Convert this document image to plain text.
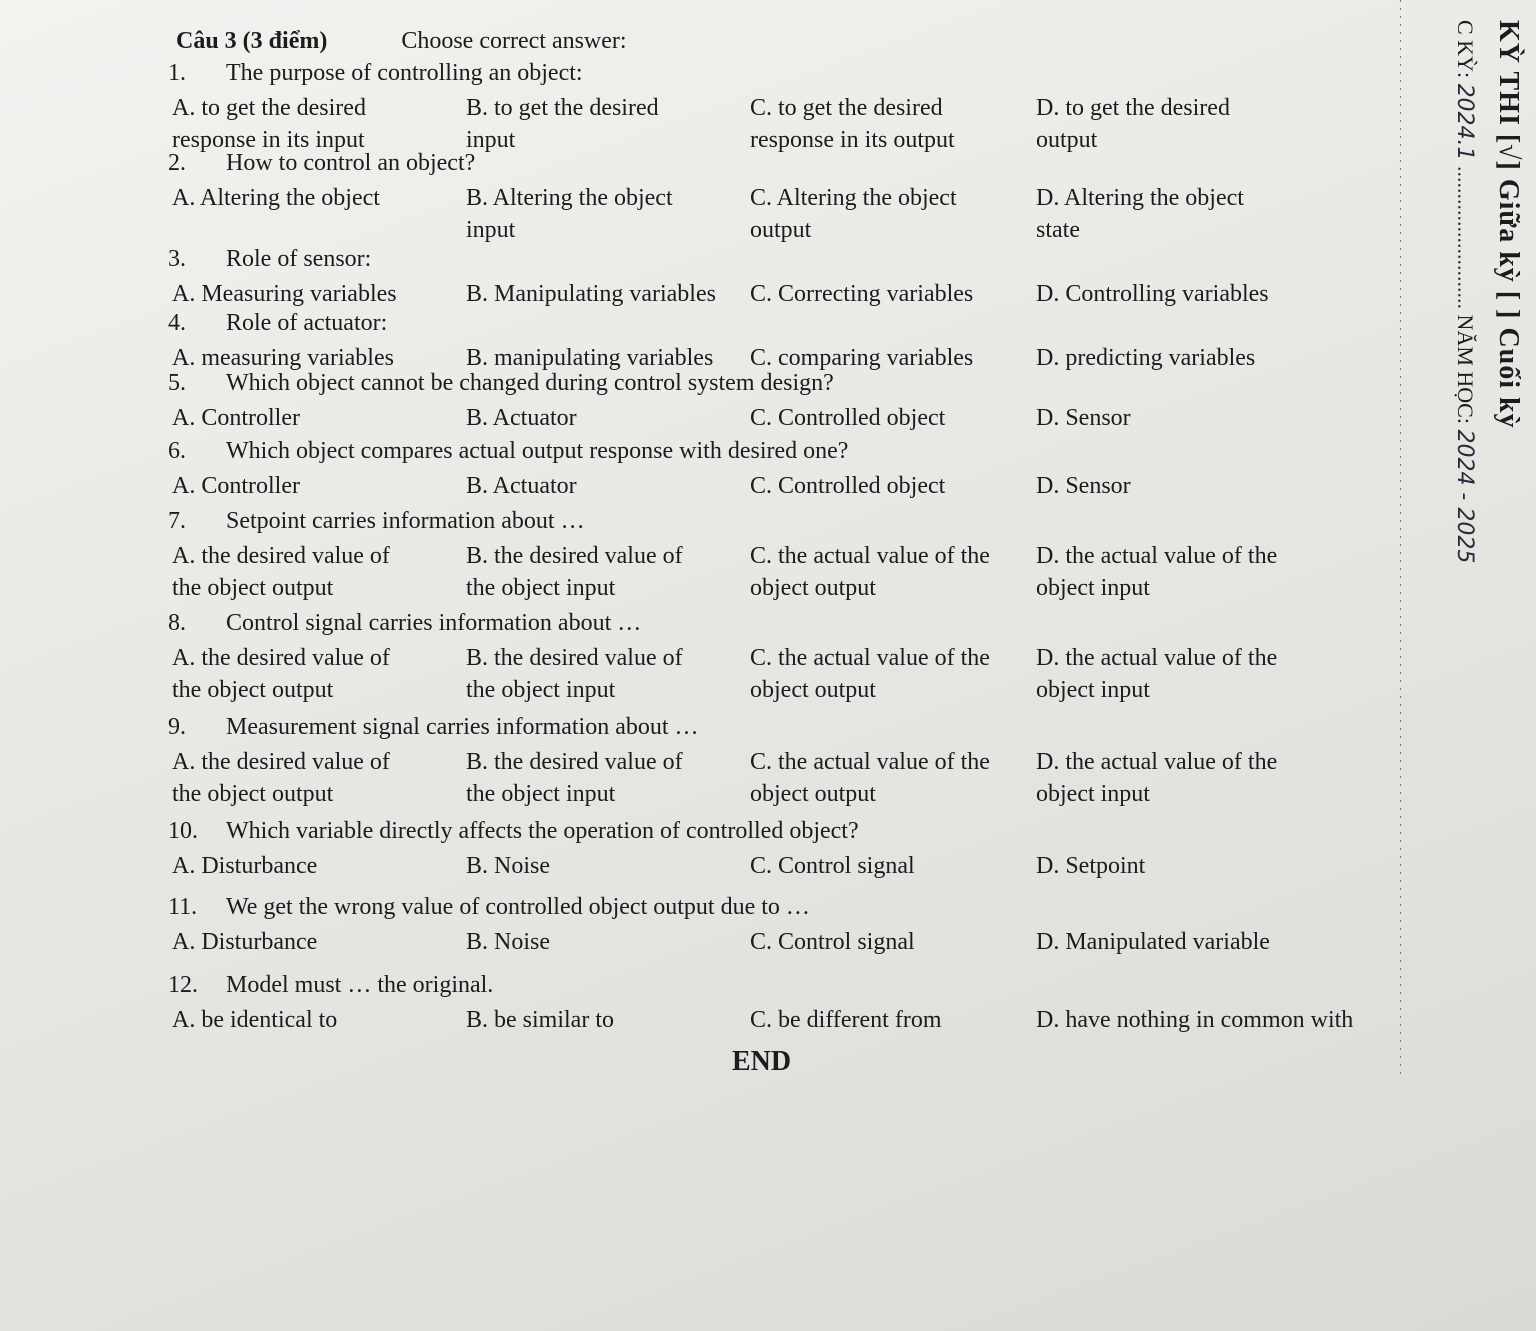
Câu 3 (3 điểm)	Choose correct answer:
1. The purpose of controlling an object:
A. to get the desired
response in its input
B. to get the desired
input
C. to get the desired
response in its output
D. to get the desired
output
2. How to control an object?
A. Altering the object	B. Altering the object
input
C. Altering the object
output
D. Altering the object
state
3. Role of sensor:
A. Measuring variables	B. Manipulating variables C. Correcting variables	D. Controlling variables
4. Role of actuator:
A. measuring variables	B. manipulating variables C. comparing variables	D. predicting variables
5. Which object cannot be changed during control system design?
A. Controller	B. Actuator	C. Controlled object	D. Sensor
6. Which object compares actual output response with desired one?
A. Controller	B. Actuator	C. Controlled object	D. Sensor
7. Setpoint carries information about …
A. the desired value of
the object output
B. the desired value of
the object input
C. the actual value of the
object output
D. the actual value of the
object input
8. Control signal carries information about …
A. the desired value of
the object output
B. the desired value of
the object input
C. the actual value of the
object output
D. the actual value of the
object input
9. Measurement signal carries information about …
A. the desired value of
the object output
B. the desired value of
the object input
C. the actual value of the
object output
D. the actual value of the
object input
10. Which variable directly affects the operation of controlled object?
A. Disturbance	B. Noise	C. Control signal	D. Setpoint
11. We get the wrong value of controlled object output due to …
A. Disturbance	B. Noise	C. Control signal	D. Manipulated variable
12. Model must … the original.
A. be identical to	B. be similar to	C. be different from	D. have nothing in common with
END
KỲ THI [√] Giữa kỳ [ ] Cuối kỳ
C KỲ: 2024.1 .......................... NĂM HỌC: 2024 - 2025
